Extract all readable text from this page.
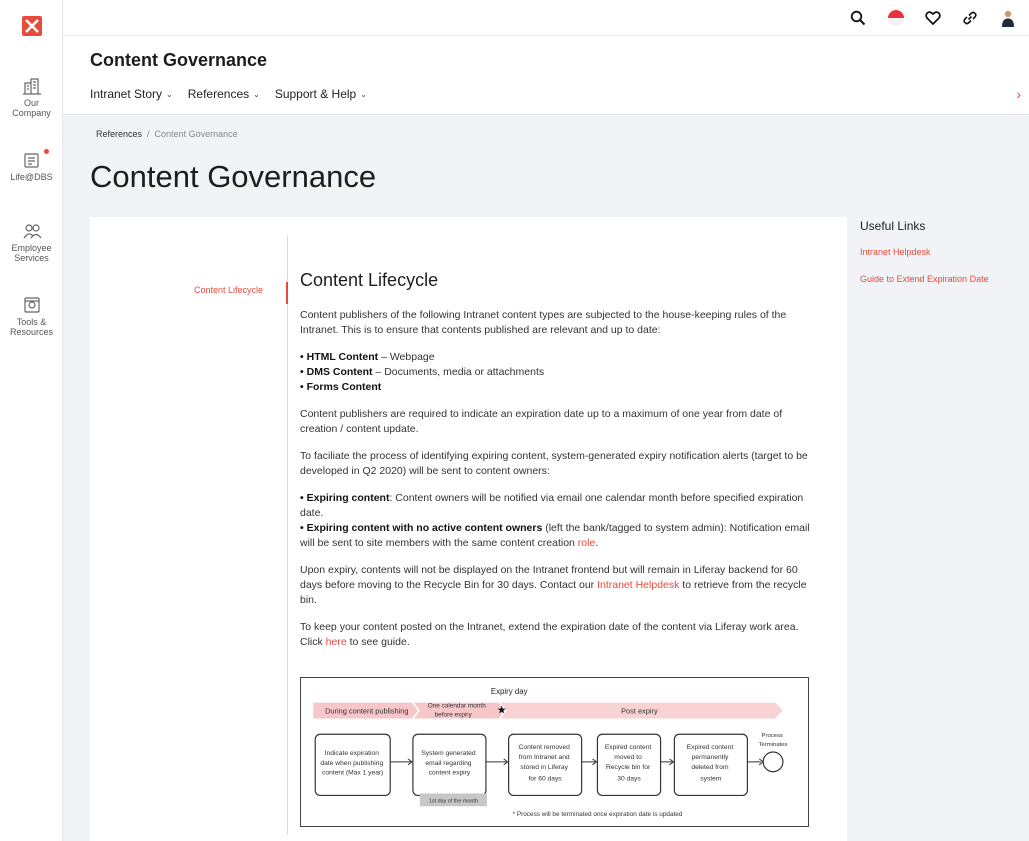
Our
Company
Life@DBS
Employee
Services
Tools &
Resources
Content Governance
Intranet Story ⌄ References ⌄ Support & Help ⌄	›
References / Content Governance
Content Governance
Content Lifecycle Content Lifecycle

Content publishers of the following Intranet content types are subjected to the house-keeping rules of the Intranet. This is to ensure that contents published are relevant and up to date:

• HTML Content – Webpage
• DMS Content – Documents, media or attachments
• Forms Content

Content publishers are required to indicate an expiration date up to a maximum of one year from date of creation / content update.

To faciliate the process of identifying expiring content, system-generated expiry notification alerts (target to be developed in Q2 2020) will be sent to content owners:

• Expiring content: Content owners will be notified via email one calendar month before specified expiration date.
• Expiring content with no active content owners (left the bank/tagged to system admin): Notification email will be sent to site members with the same content creation role.

Upon expiry, contents will not be displayed on the Intranet frontend but will remain in Liferay backend for 60 days before moving to the Recycle Bin for 30 days. Contact our Intranet Helpdesk to retrieve from the recycle bin.

To keep your content posted on the Intranet, extend the expiration date of the content via Liferay work area. Click here to see guide.

Expiry day
During content publishing
One calendar month
before expiry	Post expiry
★
Indicate expiration date when publishing content (Max 1 year)
System generated email regarding content expiry
1st day of the month
Content removed from Intranet and stored in Liferay for 60 days
Expired content moved to Recycle bin for 30 days
Expired content permanently deleted from system
Process Terminates
* Process will be terminated once expiration date is updated
Useful Links
Intranet Helpdesk
Guide to Extend Expiration Date
